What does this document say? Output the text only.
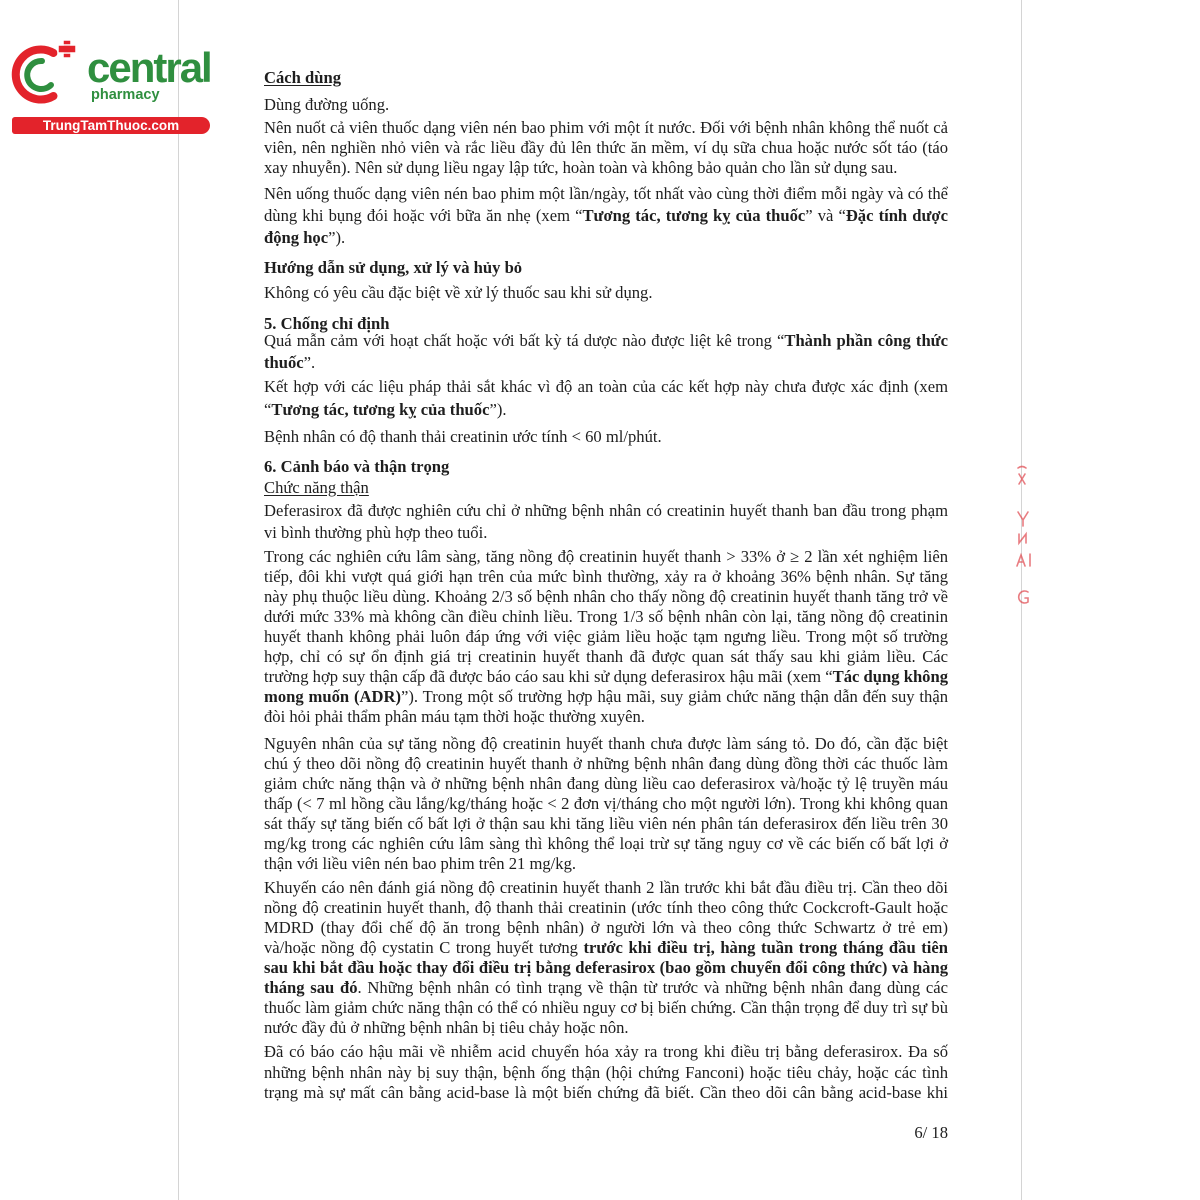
Cách dùng

Dùng đường uống.

Nên nuốt cả viên thuốc dạng viên nén bao phim với một ít nước. Đối với bệnh nhân không thể nuốt cả viên, nên nghiền nhỏ viên và rắc liều đầy đủ lên thức ăn mềm, ví dụ sữa chua hoặc nước sốt táo (táo xay nhuyễn). Nên sử dụng liều ngay lập tức, hoàn toàn và không bảo quản cho lần sử dụng sau.

Nên uống thuốc dạng viên nén bao phim một lần/ngày, tốt nhất vào cùng thời điểm mỗi ngày và có thể dùng khi bụng đói hoặc với bữa ăn nhẹ (xem “Tương tác, tương kỵ của thuốc” và “Đặc tính dược động học”).

Hướng dẫn sử dụng, xử lý và hủy bỏ

Không có yêu cầu đặc biệt về xử lý thuốc sau khi sử dụng.

5. Chống chỉ định

Quá mẫn cảm với hoạt chất hoặc với bất kỳ tá dược nào được liệt kê trong “Thành phần công thức thuốc”.

Kết hợp với các liệu pháp thải sắt khác vì độ an toàn của các kết hợp này chưa được xác định (xem “Tương tác, tương kỵ của thuốc”).

Bệnh nhân có độ thanh thải creatinin ước tính < 60 ml/phút.

6. Cảnh báo và thận trọng
Chức năng thận

Deferasirox đã được nghiên cứu chỉ ở những bệnh nhân có creatinin huyết thanh ban đầu trong phạm vi bình thường phù hợp theo tuổi.

Trong các nghiên cứu lâm sàng, tăng nồng độ creatinin huyết thanh > 33% ở ≥ 2 lần xét nghiệm liên tiếp, đôi khi vượt quá giới hạn trên của mức bình thường, xảy ra ở khoảng 36% bệnh nhân. Sự tăng này phụ thuộc liều dùng. Khoảng 2/3 số bệnh nhân cho thấy nồng độ creatinin huyết thanh tăng trở về dưới mức 33% mà không cần điều chỉnh liều. Trong 1/3 số bệnh nhân còn lại, tăng nồng độ creatinin huyết thanh không phải luôn đáp ứng với việc giảm liều hoặc tạm ngưng liều. Trong một số trường hợp, chỉ có sự ổn định giá trị creatinin huyết thanh đã được quan sát thấy sau khi giảm liều. Các trường hợp suy thận cấp đã được báo cáo sau khi sử dụng deferasirox hậu mãi (xem “Tác dụng không mong muốn (ADR)”). Trong một số trường hợp hậu mãi, suy giảm chức năng thận dẫn đến suy thận đòi hỏi phải thẩm phân máu tạm thời hoặc thường xuyên.

Nguyên nhân của sự tăng nồng độ creatinin huyết thanh chưa được làm sáng tỏ. Do đó, cần đặc biệt chú ý theo dõi nồng độ creatinin huyết thanh ở những bệnh nhân đang dùng đồng thời các thuốc làm giảm chức năng thận và ở những bệnh nhân đang dùng liều cao deferasirox và/hoặc tỷ lệ truyền máu thấp (< 7 ml hồng cầu lắng/kg/tháng hoặc < 2 đơn vị/tháng cho một người lớn). Trong khi không quan sát thấy sự tăng biến cố bất lợi ở thận sau khi tăng liều viên nén phân tán deferasirox đến liều trên 30 mg/kg trong các nghiên cứu lâm sàng thì không thể loại trừ sự tăng nguy cơ về các biến cố bất lợi ở thận với liều viên nén bao phim trên 21 mg/kg.

Khuyến cáo nên đánh giá nồng độ creatinin huyết thanh 2 lần trước khi bắt đầu điều trị. Cần theo dõi nồng độ creatinin huyết thanh, độ thanh thải creatinin (ước tính theo công thức Cockcroft-Gault hoặc MDRD (thay đổi chế độ ăn trong bệnh nhân) ở người lớn và theo công thức Schwartz ở trẻ em) và/hoặc nồng độ cystatin C trong huyết tương trước khi điều trị, hàng tuần trong tháng đầu tiên sau khi bắt đầu hoặc thay đổi điều trị bằng deferasirox (bao gồm chuyển đổi công thức) và hàng tháng sau đó. Những bệnh nhân có tình trạng về thận từ trước và những bệnh nhân đang dùng các thuốc làm giảm chức năng thận có thể có nhiều nguy cơ bị biến chứng. Cần thận trọng để duy trì sự bù nước đầy đủ ở những bệnh nhân bị tiêu chảy hoặc nôn.

Đã có báo cáo hậu mãi về nhiễm acid chuyển hóa xảy ra trong khi điều trị bằng deferasirox. Đa số những bệnh nhân này bị suy thận, bệnh ống thận (hội chứng Fanconi) hoặc tiêu chảy, hoặc các tình trạng mà sự mất cân bằng acid-base là một biến chứng đã biết. Cần theo dõi cân bằng acid-base khi

6/ 18
central
pharmacy
TrungTamThuoc.com
